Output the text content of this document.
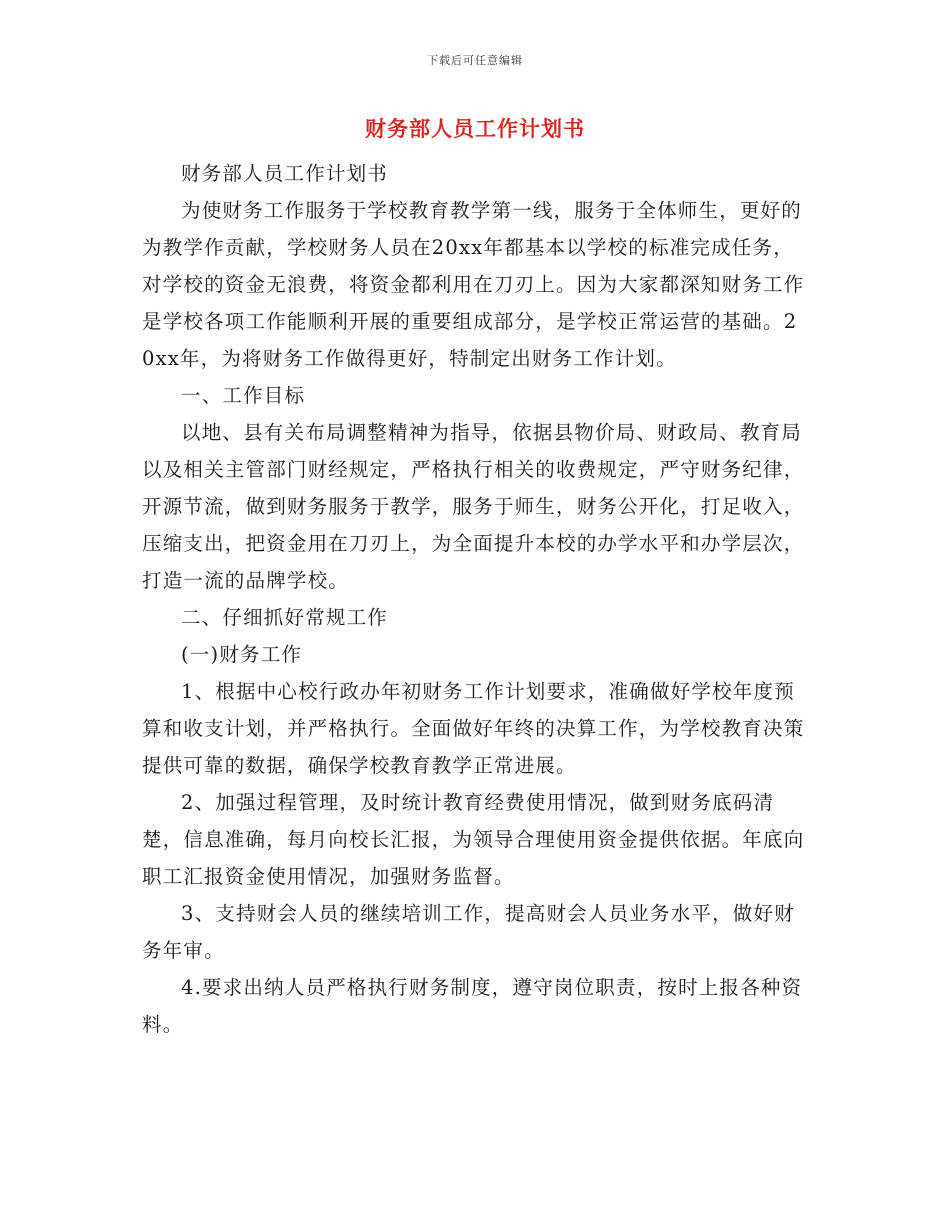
下载后可任意编辑
财务部人员工作计划书

财务部人员工作计划书

为使财务工作服务于学校教育教学第一线，服务于全体师生，更好的为教学作贡献，学校财务人员在20xx年都基本以学校的标准完成任务，对学校的资金无浪费，将资金都利用在刀刃上。因为大家都深知财务工作是学校各项工作能顺利开展的重要组成部分，是学校正常运营的基础。20xx年，为将财务工作做得更好，特制定出财务工作计划。

一、工作目标

以地、县有关布局调整精神为指导，依据县物价局、财政局、教育局以及相关主管部门财经规定，严格执行相关的收费规定，严守财务纪律，开源节流，做到财务服务于教学，服务于师生，财务公开化，打足收入，压缩支出，把资金用在刀刃上，为全面提升本校的办学水平和办学层次，打造一流的品牌学校。

二、仔细抓好常规工作

(一)财务工作

1、根据中心校行政办年初财务工作计划要求，准确做好学校年度预算和收支计划，并严格执行。全面做好年终的决算工作，为学校教育决策提供可靠的数据，确保学校教育教学正常进展。

2、加强过程管理，及时统计教育经费使用情况，做到财务底码清楚，信息准确，每月向校长汇报，为领导合理使用资金提供依据。年底向职工汇报资金使用情况，加强财务监督。

3、支持财会人员的继续培训工作，提高财会人员业务水平，做好财务年审。

4.要求出纳人员严格执行财务制度，遵守岗位职责，按时上报各种资料。
